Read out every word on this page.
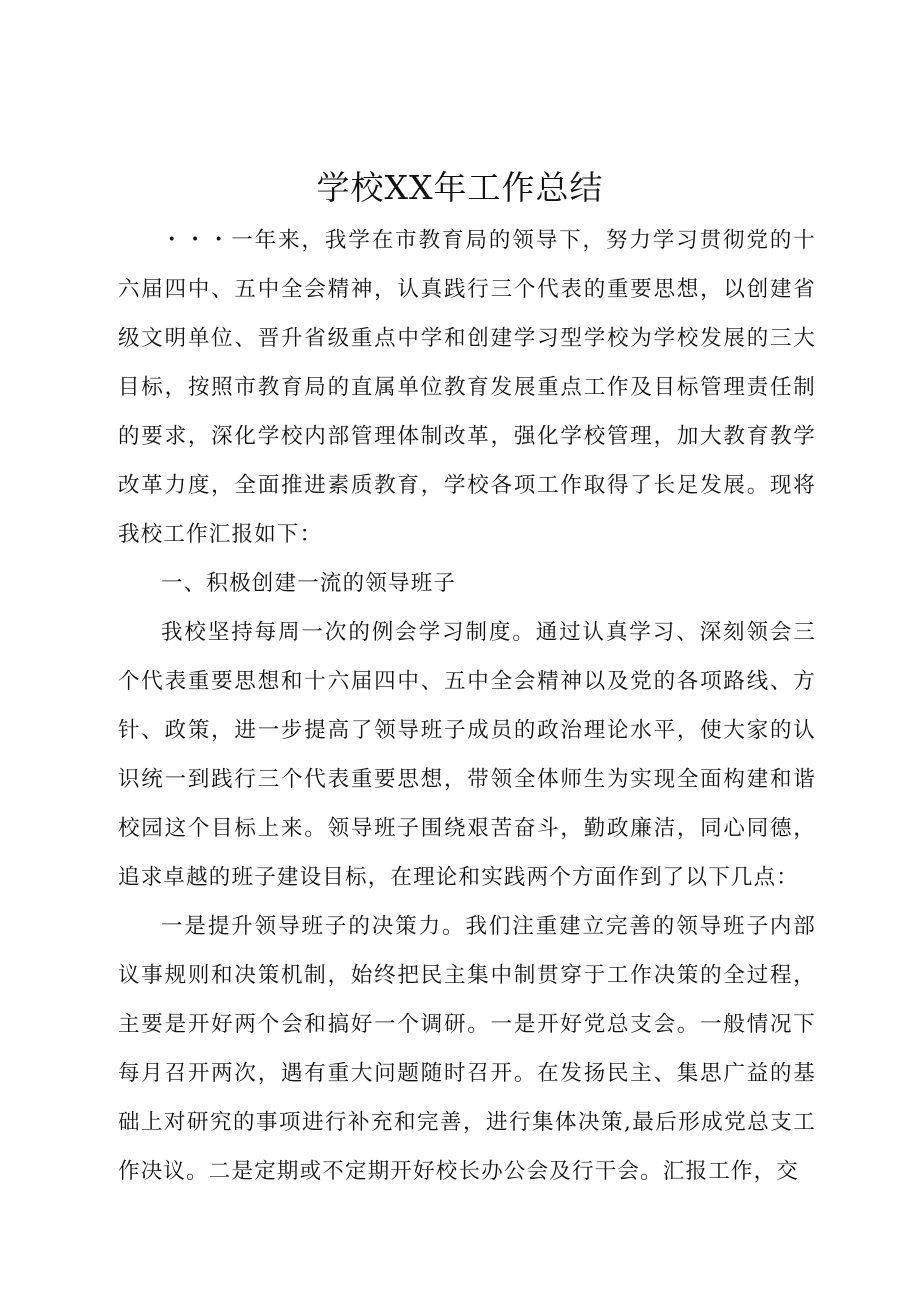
学校XX年工作总结

・・・一年来，我学在市教育局的领导下，努力学习贯彻党的十六届四中、五中全会精神，认真践行三个代表的重要思想，以创建省级文明单位、晋升省级重点中学和创建学习型学校为学校发展的三大目标，按照市教育局的直属单位教育发展重点工作及目标管理责任制的要求，深化学校内部管理体制改革，强化学校管理，加大教育教学改革力度，全面推进素质教育，学校各项工作取得了长足发展。现将我校工作汇报如下：

一、积极创建一流的领导班子

我校坚持每周一次的例会学习制度。通过认真学习、深刻领会三个代表重要思想和十六届四中、五中全会精神以及党的各项路线、方针、政策，进一步提高了领导班子成员的政治理论水平，使大家的认识统一到践行三个代表重要思想，带领全体师生为实现全面构建和谐校园这个目标上来。领导班子围绕艰苦奋斗，勤政廉洁，同心同德，追求卓越的班子建设目标，在理论和实践两个方面作到了以下几点：

一是提升领导班子的决策力。我们注重建立完善的领导班子内部议事规则和决策机制，始终把民主集中制贯穿于工作决策的全过程，主要是开好两个会和搞好一个调研。一是开好党总支会。一般情况下每月召开两次，遇有重大问题随时召开。在发扬民主、集思广益的基础上对研究的事项进行补充和完善，进行集体决策,最后形成党总支工作决议。二是定期或不定期开好校长办公会及行干会。汇报工作，交
